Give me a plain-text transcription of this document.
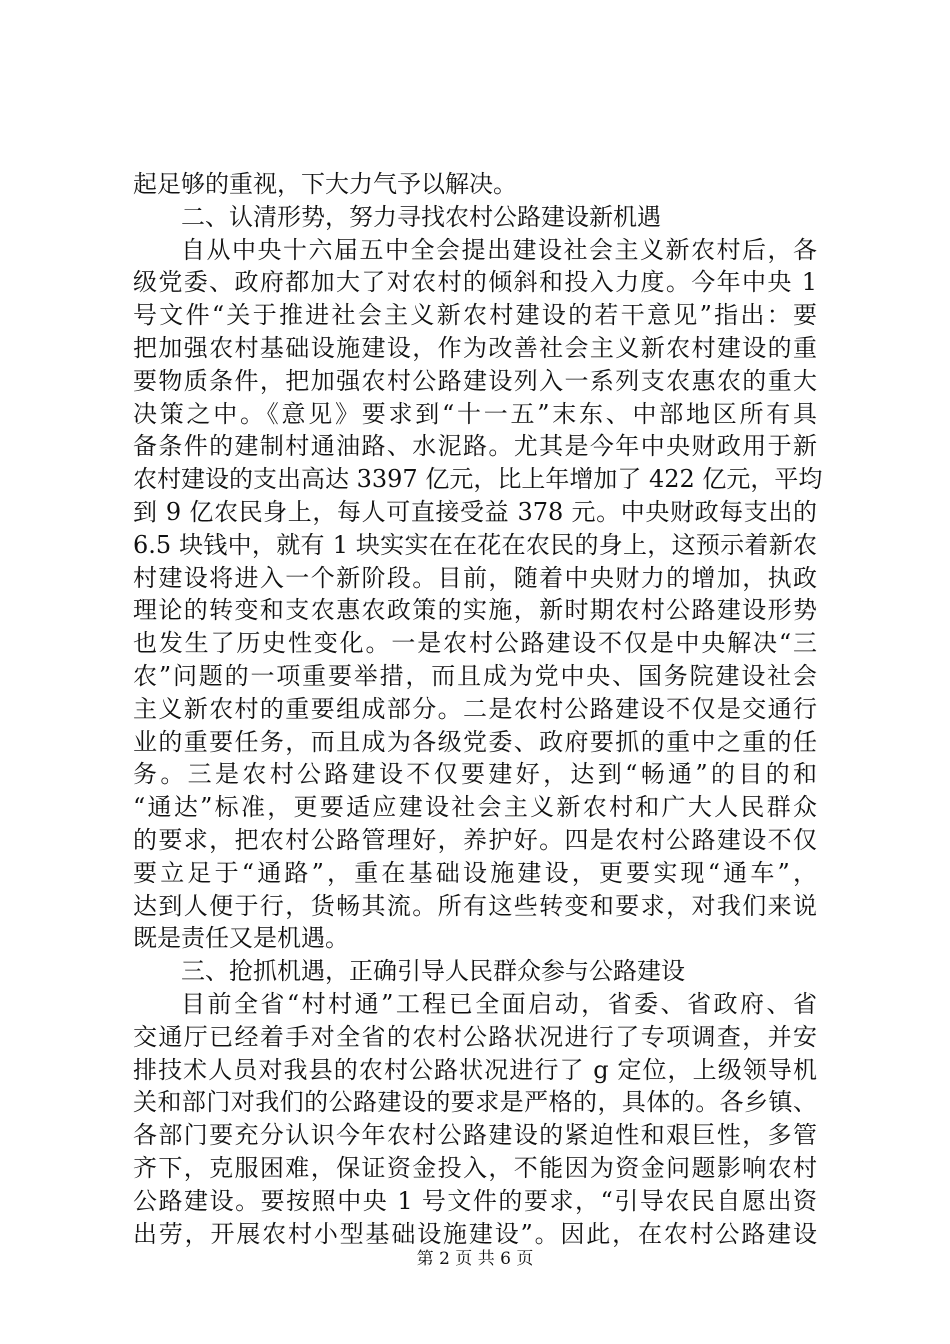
起足够的重视，下大力气予以解决。
二、认清形势，努力寻找农村公路建设新机遇
自从中央十六届五中全会提出建设社会主义新农村后，各
级党委、政府都加大了对农村的倾斜和投入力度。今年中央 1
号文件“关于推进社会主义新农村建设的若干意见”指出：要
把加强农村基础设施建设，作为改善社会主义新农村建设的重
要物质条件，把加强农村公路建设列入一系列支农惠农的重大
决策之中。《意见》要求到“十一五”末东、中部地区所有具
备条件的建制村通油路、水泥路。尤其是今年中央财政用于新
农村建设的支出高达 3397 亿元，比上年增加了 422 亿元，平均
到 9 亿农民身上，每人可直接受益 378 元。中央财政每支出的
6.5 块钱中，就有 1 块实实在在花在农民的身上，这预示着新农
村建设将进入一个新阶段。目前，随着中央财力的增加，执政
理论的转变和支农惠农政策的实施，新时期农村公路建设形势
也发生了历史性变化。一是农村公路建设不仅是中央解决“三
农”问题的一项重要举措，而且成为党中央、国务院建设社会
主义新农村的重要组成部分。二是农村公路建设不仅是交通行
业的重要任务，而且成为各级党委、政府要抓的重中之重的任
务。三是农村公路建设不仅要建好，达到“畅通”的目的和
“通达”标准，更要适应建设社会主义新农村和广大人民群众
的要求，把农村公路管理好，养护好。四是农村公路建设不仅
要立足于“通路”，重在基础设施建设，更要实现“通车”，
达到人便于行，货畅其流。所有这些转变和要求，对我们来说
既是责任又是机遇。
三、抢抓机遇，正确引导人民群众参与公路建设
目前全省“村村通”工程已全面启动，省委、省政府、省
交通厅已经着手对全省的农村公路状况进行了专项调查，并安
排技术人员对我县的农村公路状况进行了 g 定位，上级领导机
关和部门对我们的公路建设的要求是严格的，具体的。各乡镇、
各部门要充分认识今年农村公路建设的紧迫性和艰巨性，多管
齐下，克服困难，保证资金投入，不能因为资金问题影响农村
公路建设。要按照中央 1 号文件的要求，“引导农民自愿出资
出劳，开展农村小型基础设施建设”。因此，在农村公路建设
第 2 页 共 6 页
